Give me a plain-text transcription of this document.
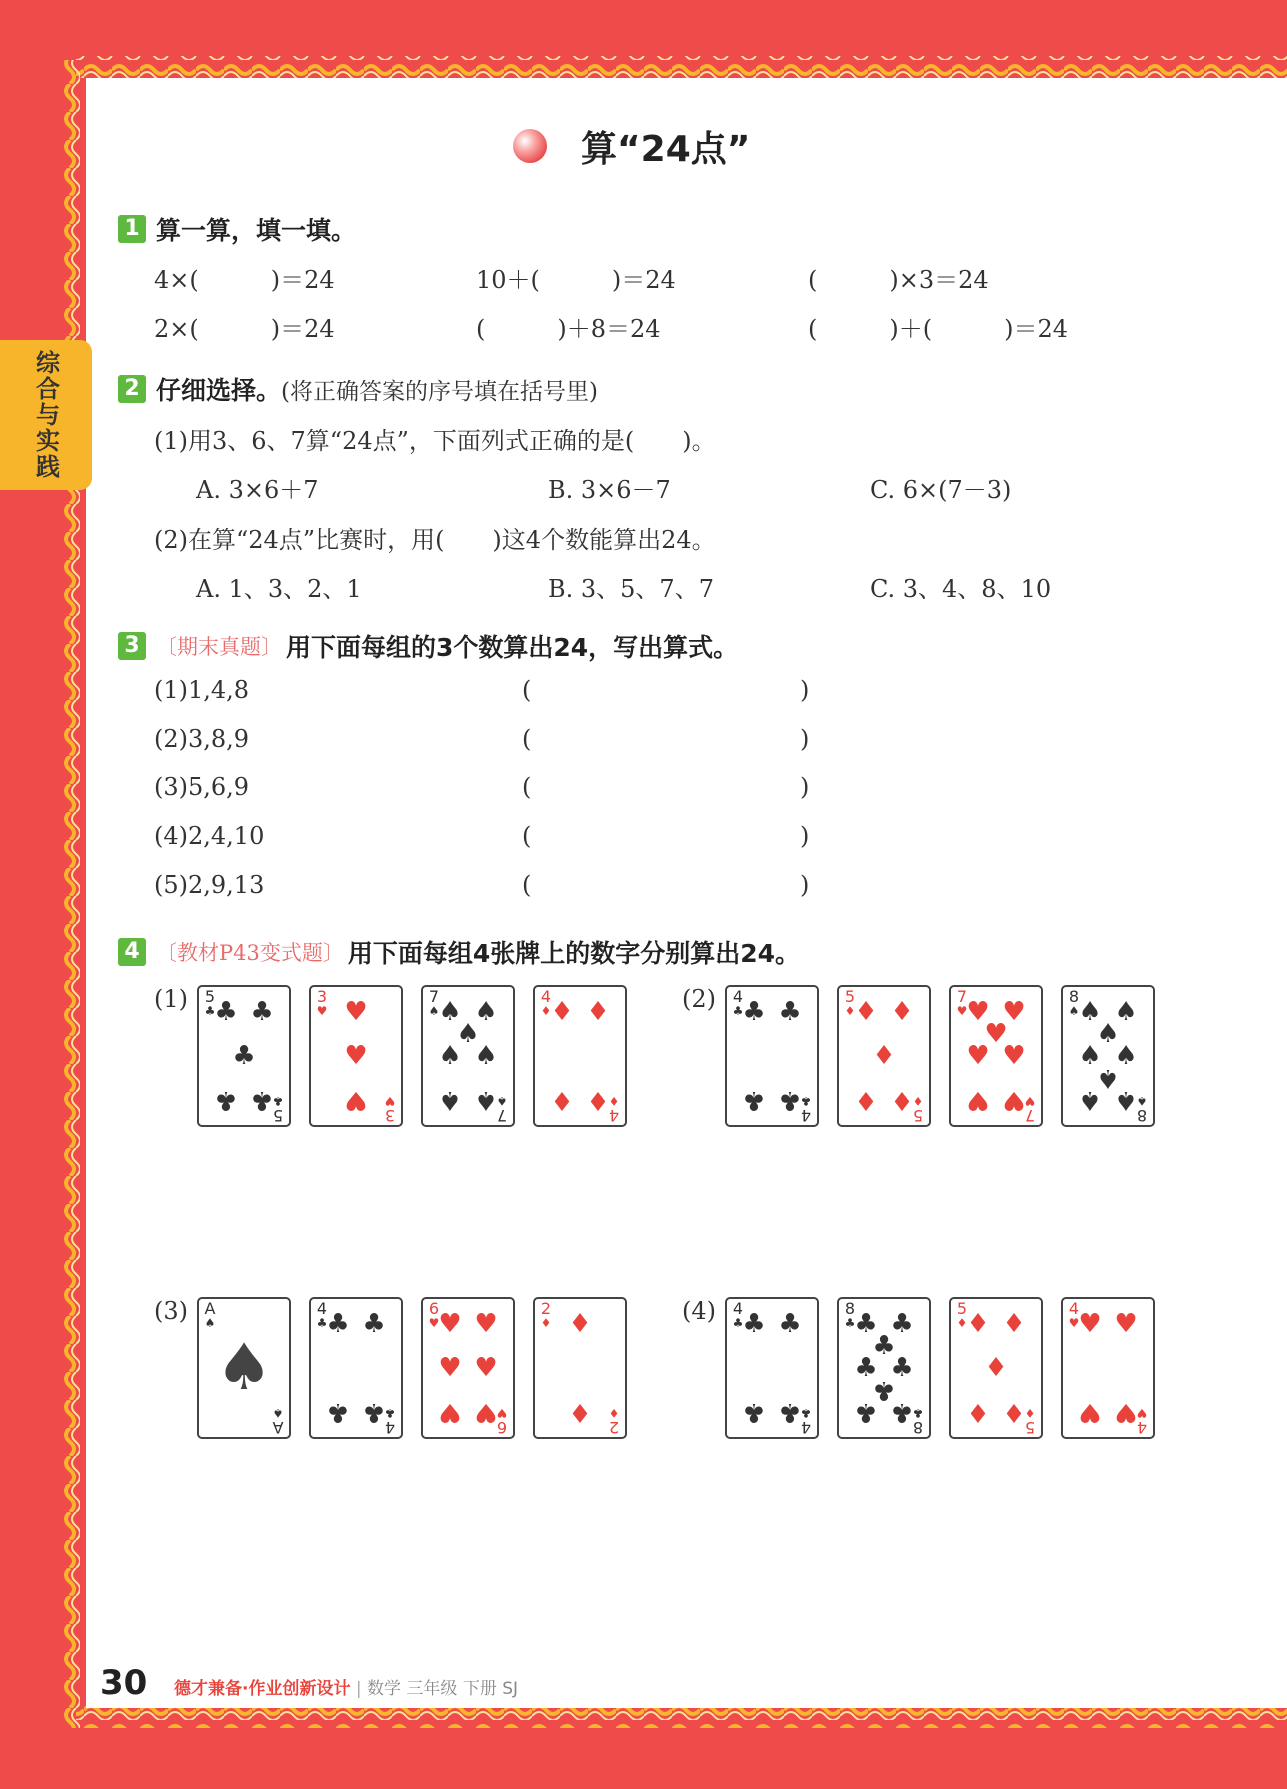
综合与实践
算“24点”
1 算一算，填一填。
4×(　　　)＝24	10＋(　　　)＝24	(　　　)×3＝24
2×(　　　)＝24	(　　　)＋8＝24	(　　　)＋(　　　)＝24
2 仔细选择。 (将正确答案的序号填在括号里)
(1)用3、6、7算“24点”，下面列式正确的是(　　)。
A. 3×6＋7	B. 3×6－7	C. 6×(7－3)
(2)在算“24点”比赛时，用(　　)这4个数能算出24。
A. 1、3、2、1	B. 3、5、7、7	C. 3、4、8、10
3 〔期末真题〕 用下面每组的3个数算出24，写出算式。
(1)1,4,8	(	)
(2)3,8,9	(	)
(3)5,6,9	(	)
(4)2,4,10	(	)
(5)2,9,13	(	)
4 〔教材P43变式题〕 用下面每组4张牌上的数字分别算出24。
(1) 5
♣
5
♣
♣ ♣
♣
♣ ♣
3
♥
3
♥
♥
♥
♥
7
♠
7
♠
♠ ♠
♠
♠ ♠
♠ ♠
4
♦
4
♦
♦ ♦
♦ ♦
(2) 4
♣
4
♣
♣ ♣
♣ ♣
5
♦
5
♦
♦ ♦
♦
♦ ♦
7
♥
7
♥
♥ ♥
♥
♥ ♥
♥ ♥
8
♠
8
♠
♠ ♠
♠
♠ ♠
♠
♠ ♠
(3) A
♠
A
♠
♠
4
♣
4
♣
♣ ♣
♣ ♣
6
♥
6
♥
♥ ♥
♥ ♥
♥ ♥
2
♦
2
♦
♦
♦
(4) 4
♣
4
♣
♣ ♣
♣ ♣
8
♣
8
♣
♣ ♣
♣
♣ ♣
♣
♣ ♣
5
♦
5
♦
♦ ♦
♦
♦ ♦
4
♥
4
♥
♥ ♥
♥ ♥
30 德才兼备·作业创新设计 | 数学 三年级 下册 SJ
